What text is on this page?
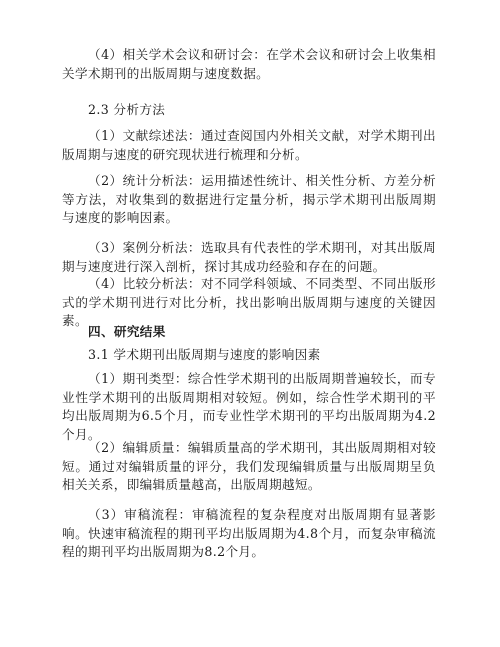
（4）相关学术会议和研讨会：在学术会议和研讨会上收集相关学术期刊的出版周期与速度数据。

2.3 分析方法

（1）文献综述法：通过查阅国内外相关文献，对学术期刊出版周期与速度的研究现状进行梳理和分析。

（2）统计分析法：运用描述性统计、相关性分析、方差分析等方法，对收集到的数据进行定量分析，揭示学术期刊出版周期与速度的影响因素。

（3）案例分析法：选取具有代表性的学术期刊，对其出版周期与速度进行深入剖析，探讨其成功经验和存在的问题。

（4）比较分析法：对不同学科领域、不同类型、不同出版形式的学术期刊进行对比分析，找出影响出版周期与速度的关键因素。

四、研究结果

3.1 学术期刊出版周期与速度的影响因素

（1）期刊类型：综合性学术期刊的出版周期普遍较长，而专业性学术期刊的出版周期相对较短。例如，综合性学术期刊的平均出版周期为6.5个月，而专业性学术期刊的平均出版周期为4.2个月。

（2）编辑质量：编辑质量高的学术期刊，其出版周期相对较短。通过对编辑质量的评分，我们发现编辑质量与出版周期呈负相关关系，即编辑质量越高，出版周期越短。

（3）审稿流程：审稿流程的复杂程度对出版周期有显著影响。快速审稿流程的期刊平均出版周期为4.8个月，而复杂审稿流程的期刊平均出版周期为8.2个月。
